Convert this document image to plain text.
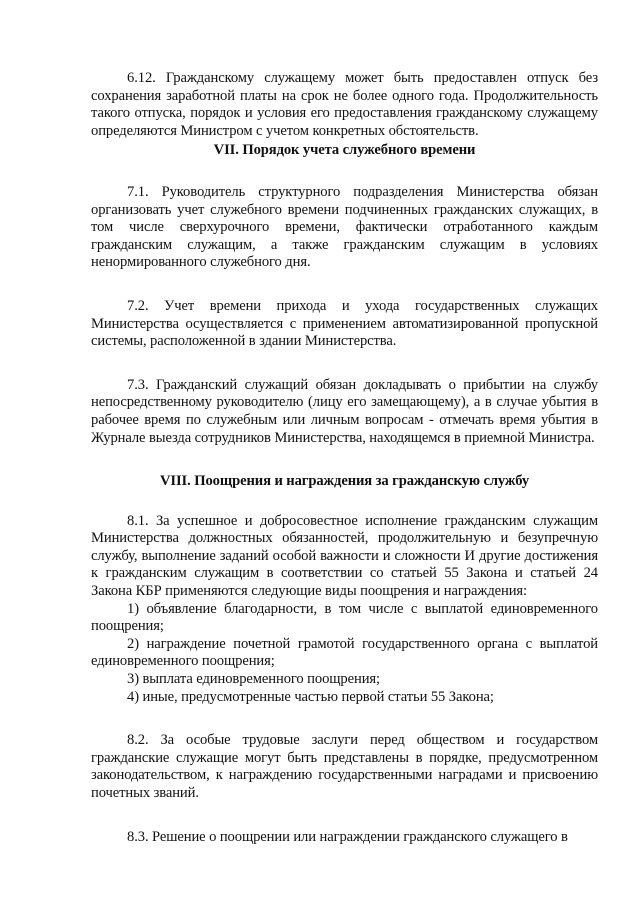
6.12. Гражданскому служащему может быть предоставлен отпуск без сохранения заработной платы на срок не более одного года. Продолжительность такого отпуска, порядок и условия его предоставления гражданскому служащему определяются Министром с учетом конкретных обстоятельств.

VII. Порядок учета служебного времени

7.1. Руководитель структурного подразделения Министерства обязан организовать учет служебного времени подчиненных гражданских служащих, в том числе сверхурочного времени, фактически отработанного каждым гражданским служащим, а также гражданским служащим в условиях ненормированного служебного дня.

7.2. Учет времени прихода и ухода государственных служащих Министерства осуществляется с применением автоматизированной пропускной системы, расположенной в здании Министерства.

7.3. Гражданский служащий обязан докладывать о прибытии на службу непосредственному руководителю (лицу его замещающему), а в случае убытия в рабочее время по служебным или личным вопросам - отмечать время убытия в Журнале выезда сотрудников Министерства, находящемся в приемной Министра.

VIII. Поощрения и награждения за гражданскую службу

8.1. За успешное и добросовестное исполнение гражданским служащим Министерства должностных обязанностей, продолжительную и безупречную службу, выполнение заданий особой важности и сложности И другие достижения к гражданским служащим в соответствии со статьей 55 Закона и статьей 24 Закона КБР применяются следующие виды поощрения и награждения:

1) объявление благодарности, в том числе с выплатой единовременного поощрения;

2) награждение почетной грамотой государственного органа с выплатой единовременного поощрения;

3) выплата единовременного поощрения;

4) иные, предусмотренные частью первой статьи 55 Закона;

8.2. За особые трудовые заслуги перед обществом и государством гражданские служащие могут быть представлены в порядке, предусмотренном законодательством, к награждению государственными наградами и присвоению почетных званий.

8.3. Решение о поощрении или награждении гражданского служащего в
